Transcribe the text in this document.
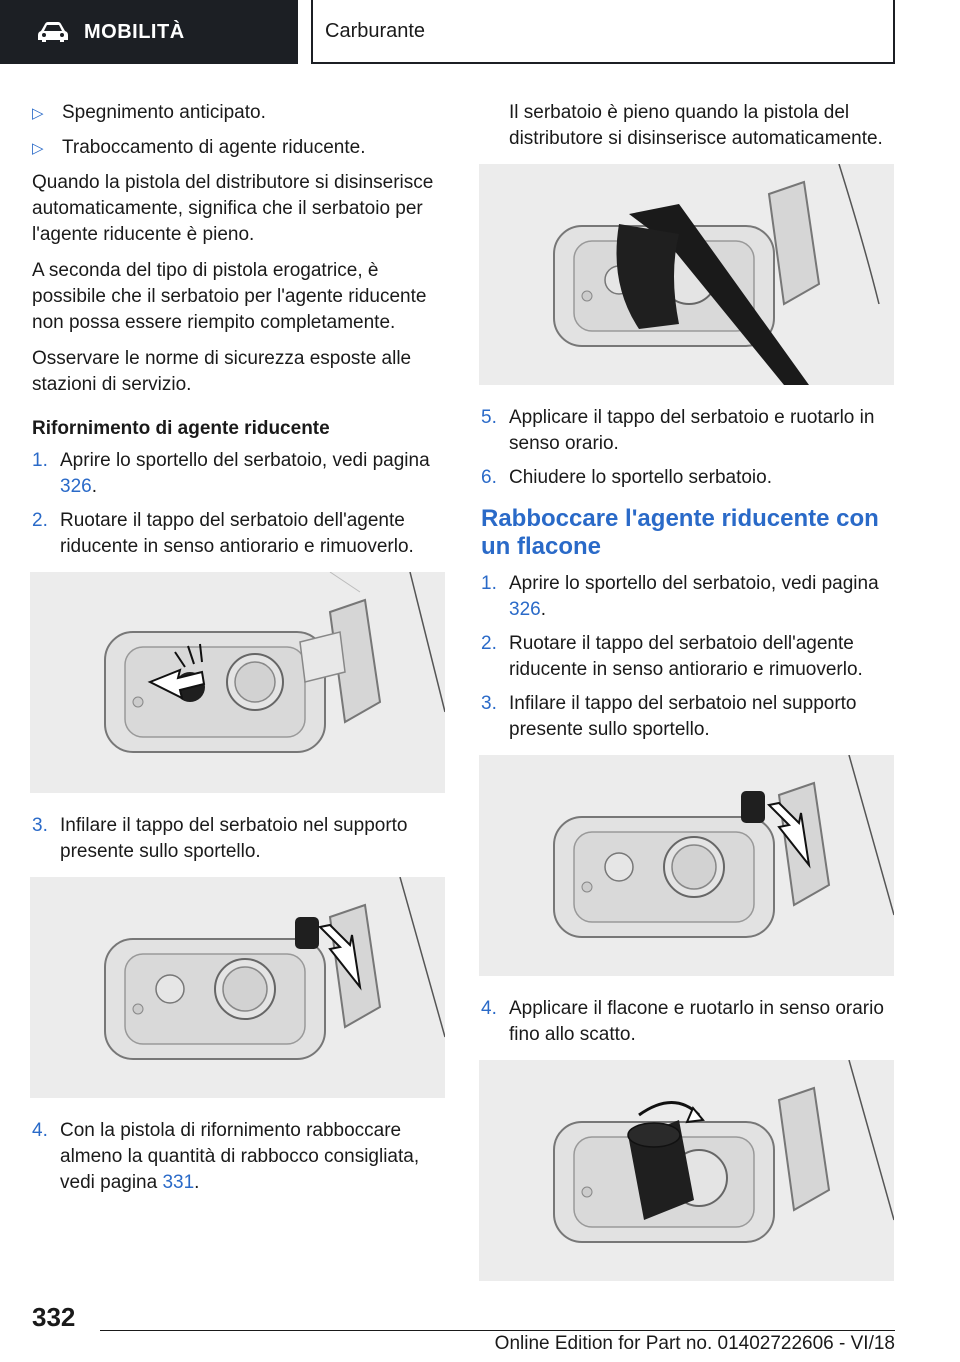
MOBILITÀ	Carburante
▷ Spegnimento anticipato.
▷ Traboccamento di agente riducente.

Quando la pistola del distributore si disinserisce automaticamente, significa che il serbatoio per l'agente riducente è pieno.

A seconda del tipo di pistola erogatrice, è possibile che il serbatoio per l'agente riducente non possa essere riempito completamente.

Osservare le norme di sicurezza esposte alle stazioni di servizio.

Rifornimento di agente riducente
1. Aprire lo sportello del serbatoio, vedi pagina 326.
2. Ruotare il tappo del serbatoio dell'agente riducente in senso antiorario e rimuoverlo.
3. Infilare il tappo del serbatoio nel supporto presente sullo sportello.
4. Con la pistola di rifornimento rabboccare almeno la quantità di rabbocco consigliata, vedi pagina 331.

Il serbatoio è pieno quando la pistola del distributore si disinserisce automaticamente.

5. Applicare il tappo del serbatoio e ruotarlo in senso orario.
6. Chiudere lo sportello serbatoio.
Rabboccare l'agente riducente con un flacone
1. Aprire lo sportello del serbatoio, vedi pagina 326.
2. Ruotare il tappo del serbatoio dell'agente riducente in senso antiorario e rimuoverlo.
3. Infilare il tappo del serbatoio nel supporto presente sullo sportello.
4. Applicare il flacone e ruotarlo in senso orario fino allo scatto.
332
Online Edition for Part no. 01402722606 - VI/18
